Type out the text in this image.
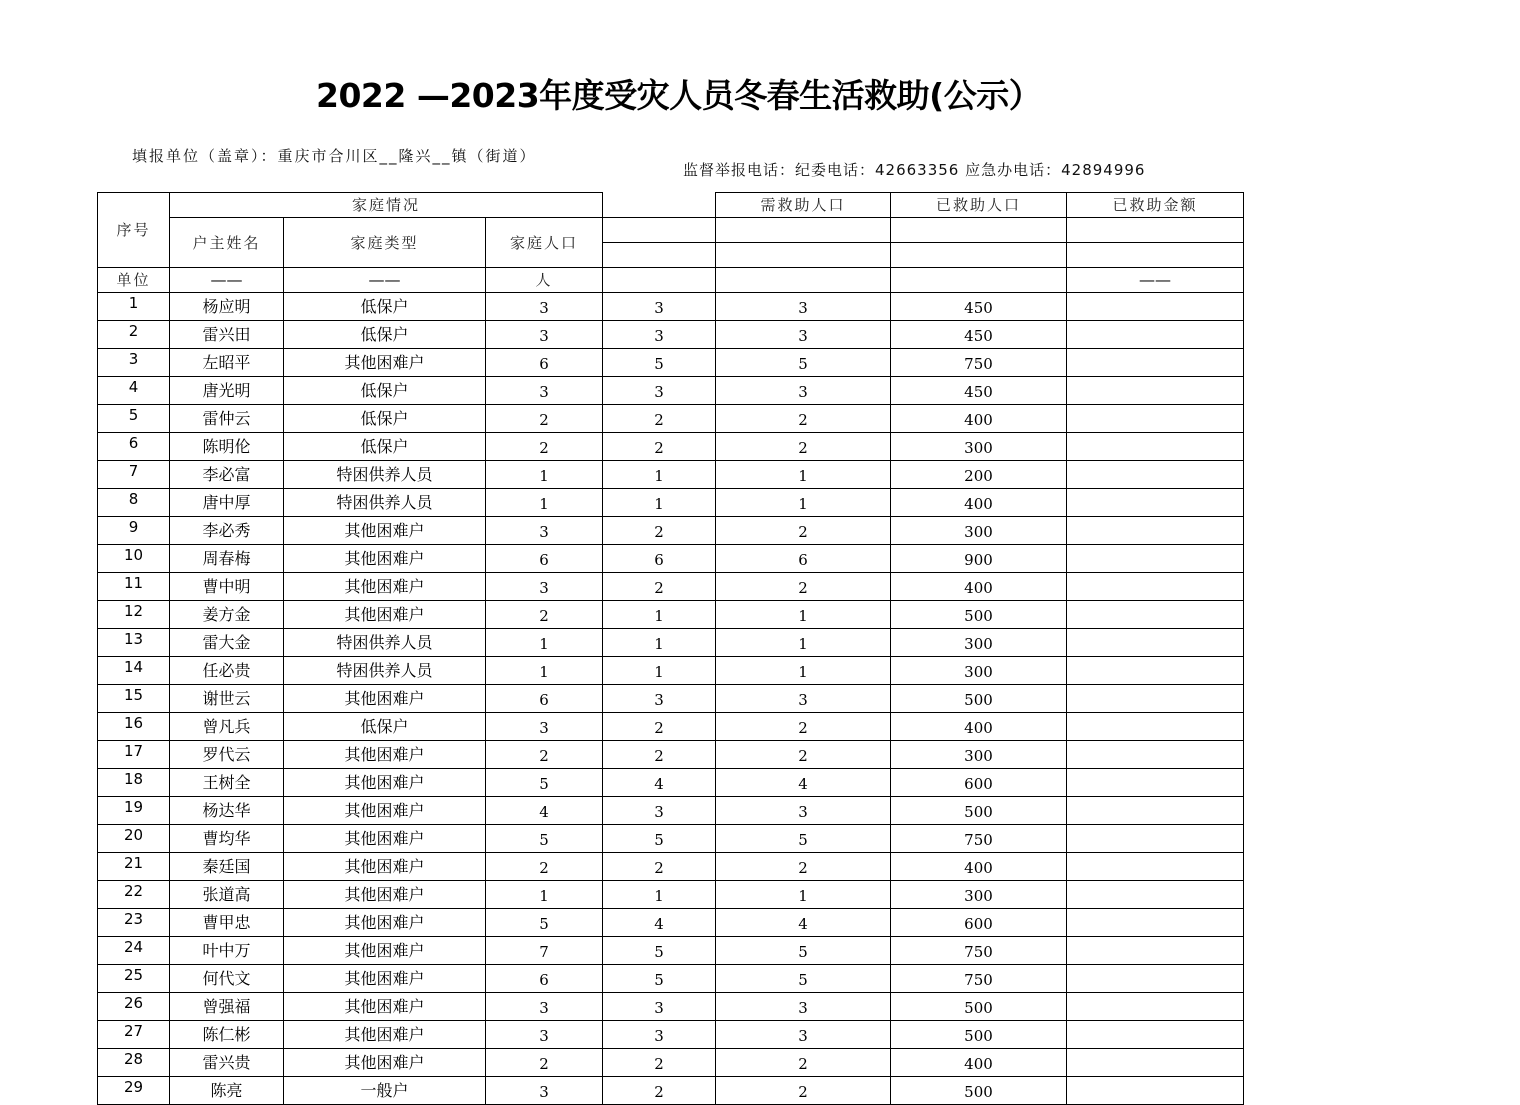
2022 —2023年度受灾人员冬春生活救助(公示）
填报单位（盖章）：重庆市合川区__隆兴__镇（街道）
监督举报电话：纪委电话：42663356 应急办电话：42894996
序号	家庭情况				需救助人口	已救助人口	已救助金额
	户主姓名	家庭类型	家庭人口				

单位	——	——	人				——
1	杨应明	低保户	3	3	3	450	
2	雷兴田	低保户	3	3	3	450	
3	左昭平	其他困难户	6	5	5	750	
4	唐光明	低保户	3	3	3	450	
5	雷仲云	低保户	2	2	2	400	
6	陈明伦	低保户	2	2	2	300	
7	李必富	特困供养人员	1	1	1	200	
8	唐中厚	特困供养人员	1	1	1	400	
9	李必秀	其他困难户	3	2	2	300	
10	周春梅	其他困难户	6	6	6	900	
11	曹中明	其他困难户	3	2	2	400	
12	姜方金	其他困难户	2	1	1	500	
13	雷大金	特困供养人员	1	1	1	300	
14	任必贵	特困供养人员	1	1	1	300	
15	谢世云	其他困难户	6	3	3	500	
16	曾凡兵	低保户	3	2	2	400	
17	罗代云	其他困难户	2	2	2	300	
18	王树全	其他困难户	5	4	4	600	
19	杨达华	其他困难户	4	3	3	500	
20	曹均华	其他困难户	5	5	5	750	
21	秦廷国	其他困难户	2	2	2	400	
22	张道高	其他困难户	1	1	1	300	
23	曹甲忠	其他困难户	5	4	4	600	
24	叶中万	其他困难户	7	5	5	750	
25	何代文	其他困难户	6	5	5	750	
26	曾强福	其他困难户	3	3	3	500	
27	陈仁彬	其他困难户	3	3	3	500	
28	雷兴贵	其他困难户	2	2	2	400	
29	陈亮	一般户	3	2	2	500	
